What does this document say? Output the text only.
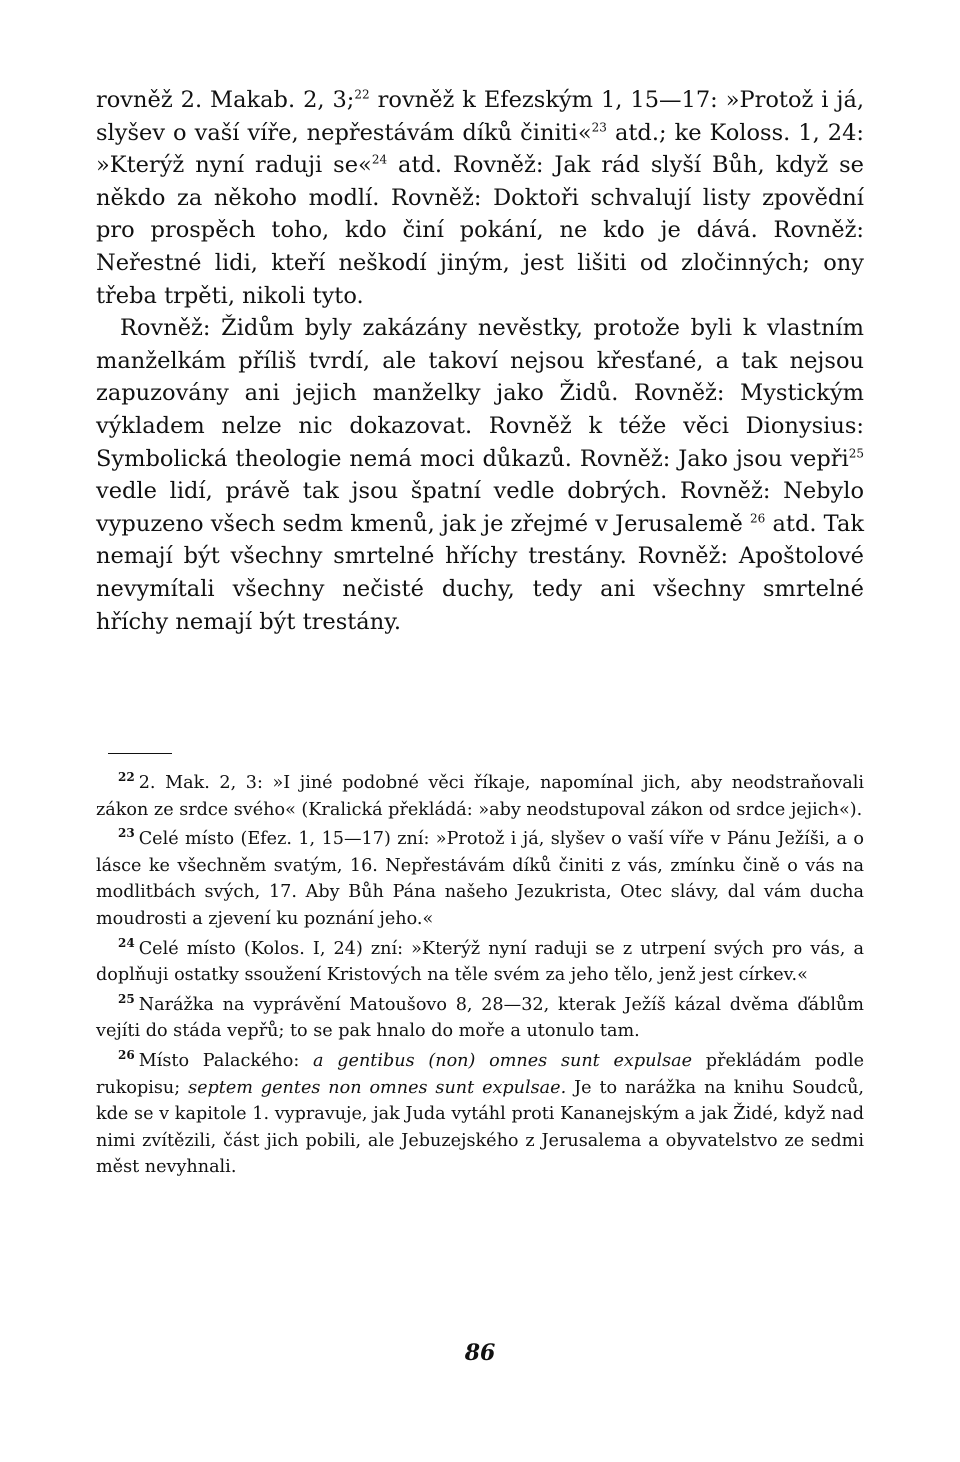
rovněž 2. Makab. 2, 3;$^{22}$ rovněž k Efezským 1, 15—17: »Protož i já, slyšev o vaší víře, nepřestávám díků činiti«$^{23}$ atd.; ke Koloss. 1, 24: »Kterýž nyní raduji se«$^{24}$ atd. Rovněž: Jak rád slyší Bůh, když se někdo za někoho modlí. Rovněž: Doktoři schvalují listy zpovědní pro prospěch toho, kdo činí pokání, ne kdo je dává. Rovněž: Neřestné lidi, kteří neškodí jiným, jest lišiti od zločinných; ony třeba trpěti, nikoli tyto.
Rovněž: Židům byly zakázány nevěstky, protože byli k vlastním manželkám příliš tvrdí, ale takoví nejsou křesťané, a tak nejsou zapuzovány ani jejich manželky jako Židů. Rovněž: Mystickým výkladem nelze nic dokazovat. Rovněž k téže věci Dionysius: Symbolická theologie nemá moci důkazů. Rovněž: Jako jsou vepři$^{25}$ vedle lidí, právě tak jsou špatní vedle dobrých. Rovněž: Nebylo vypuzeno všech sedm kmenů, jak je zřejmé v Jerusalemě $^{26}$ atd. Tak nemají být všechny smrtelné hříchy trestány. Rovněž: Apoštolové nevymítali všechny nečisté duchy, tedy ani všechny smrtelné hříchy nemají být trestány.

$^{22}$ 2. Mak. 2, 3: »I jiné podobné věci říkaje, napomínal jich, aby neodstraňovali zákon ze srdce svého« (Kralická překládá: »aby neodstupoval zákon od srdce jejich«).

$^{23}$ Celé místo (Efez. 1, 15—17) zní: »Protož i já, slyšev o vaší víře v Pánu Ježíši, a o lásce ke všechněm svatým, 16. Nepřestávám díků činiti z vás, zmínku čině o vás na modlitbách svých, 17. Aby Bůh Pána našeho Jezukrista, Otec slávy, dal vám ducha moudrosti a zjevení ku poznání jeho.«

$^{24}$ Celé místo (Kolos. I, 24) zní: »Kterýž nyní raduji se z utrpení svých pro vás, a doplňuji ostatky ssoužení Kristových na těle svém za jeho tělo, jenž jest církev.«

$^{25}$ Narážka na vyprávění Matoušovo 8, 28—32, kterak Ježíš kázal dvěma ďáblům vejíti do stáda vepřů; to se pak hnalo do moře a utonulo tam.

$^{26}$ Místo Palackého: a gentibus (non) omnes sunt expulsae překládám podle rukopisu; septem gentes non omnes sunt expulsae. Je to narážka na knihu Soudců, kde se v kapitole 1. vypravuje, jak Juda vytáhl proti Kananejským a jak Židé, když nad nimi zvítězili, část jich pobili, ale Jebuzejského z Jerusalema a obyvatelstvo ze sedmi měst nevyhnali.

86
